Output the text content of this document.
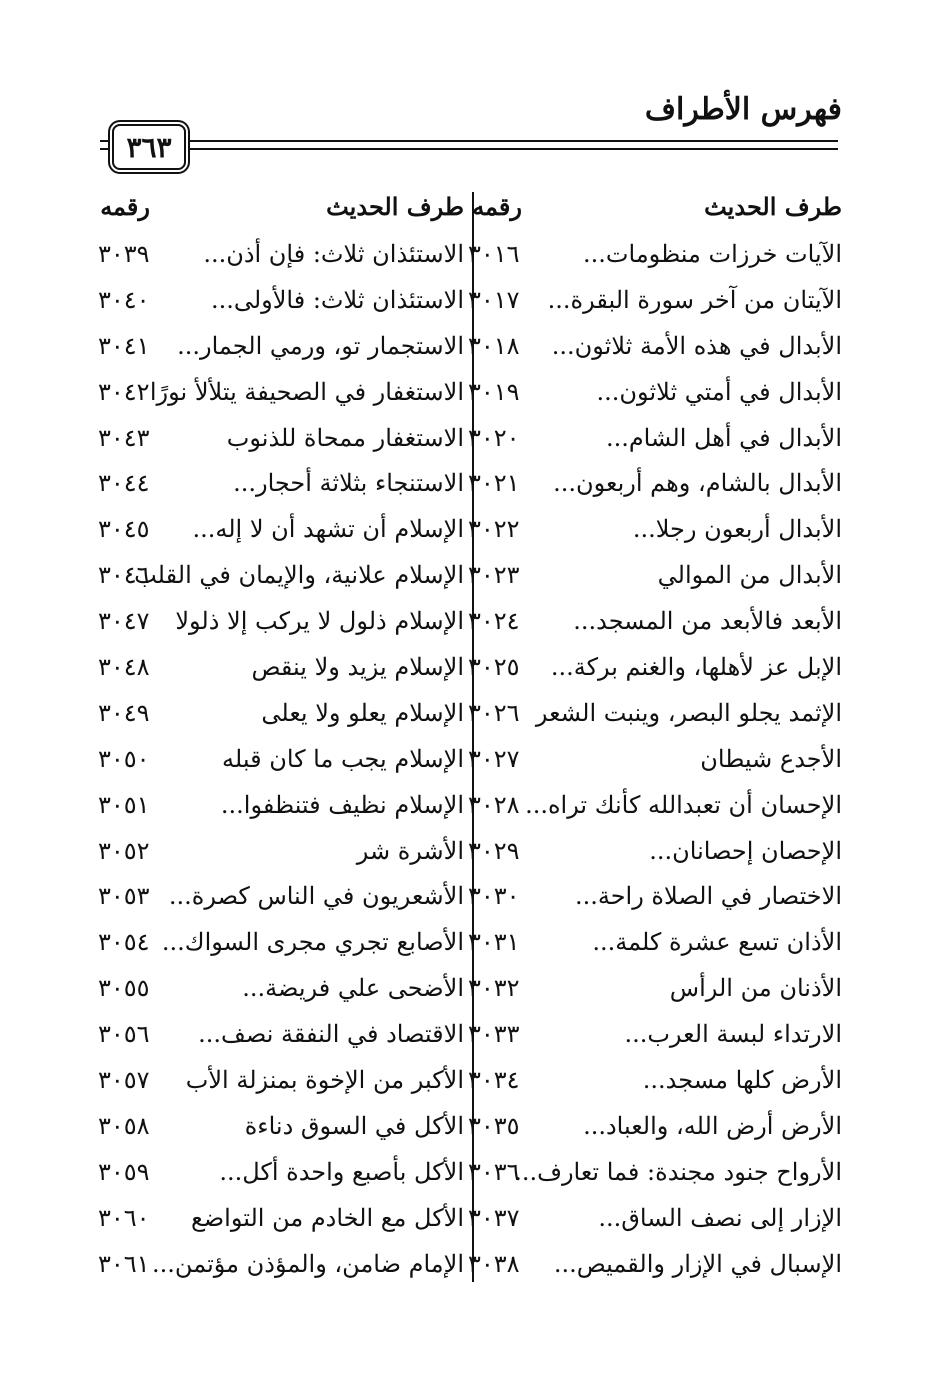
فهرس الأطراف
٣٦٣
طرف الحديث
رقمه
طرف الحديث
رقمه
الآيات خرزات منظومات...
٣٠١٦
الاستئذان ثلاث: فإن أذن...
٣٠٣٩
الآيتان من آخر سورة البقرة...
٣٠١٧
الاستئذان ثلاث: فالأولى...
٣٠٤٠
الأبدال في هذه الأمة ثلاثون...
٣٠١٨
الاستجمار تو، ورمي الجمار...
٣٠٤١
الأبدال في أمتي ثلاثون...
٣٠١٩
الاستغفار في الصحيفة يتلألأ نورًا
٣٠٤٢
الأبدال في أهل الشام...
٣٠٢٠
الاستغفار ممحاة للذنوب
٣٠٤٣
الأبدال بالشام، وهم أربعون...
٣٠٢١
الاستنجاء بثلاثة أحجار...
٣٠٤٤
الأبدال أربعون رجلا...
٣٠٢٢
الإسلام أن تشهد أن لا إله...
٣٠٤٥
الأبدال من الموالي
٣٠٢٣
الإسلام علانية، والإيمان في القلب
٣٠٤٦
الأبعد فالأبعد من المسجد...
٣٠٢٤
الإسلام ذلول لا يركب إلا ذلولا
٣٠٤٧
الإبل عز لأهلها، والغنم بركة...
٣٠٢٥
الإسلام يزيد ولا ينقص
٣٠٤٨
الإثمد يجلو البصر، وينبت الشعر
٣٠٢٦
الإسلام يعلو ولا يعلى
٣٠٤٩
الأجدع شيطان
٣٠٢٧
الإسلام يجب ما كان قبله
٣٠٥٠
الإحسان أن تعبدالله كأنك تراه...
٣٠٢٨
الإسلام نظيف فتنظفوا...
٣٠٥١
الإحصان إحصانان...
٣٠٢٩
الأشرة شر
٣٠٥٢
الاختصار في الصلاة راحة...
٣٠٣٠
الأشعريون في الناس كصرة...
٣٠٥٣
الأذان تسع عشرة كلمة...
٣٠٣١
الأصابع تجري مجرى السواك...
٣٠٥٤
الأذنان من الرأس
٣٠٣٢
الأضحى علي فريضة...
٣٠٥٥
الارتداء لبسة العرب...
٣٠٣٣
الاقتصاد في النفقة نصف...
٣٠٥٦
الأرض كلها مسجد...
٣٠٣٤
الأكبر من الإخوة بمنزلة الأب
٣٠٥٧
الأرض أرض الله، والعباد...
٣٠٣٥
الأكل في السوق دناءة
٣٠٥٨
الأرواح جنود مجندة: فما تعارف...
٣٠٣٦
الأكل بأصبع واحدة أكل...
٣٠٥٩
الإزار إلى نصف الساق...
٣٠٣٧
الأكل مع الخادم من التواضع
٣٠٦٠
الإسبال في الإزار والقميص...
٣٠٣٨
الإمام ضامن، والمؤذن مؤتمن...
٣٠٦١
